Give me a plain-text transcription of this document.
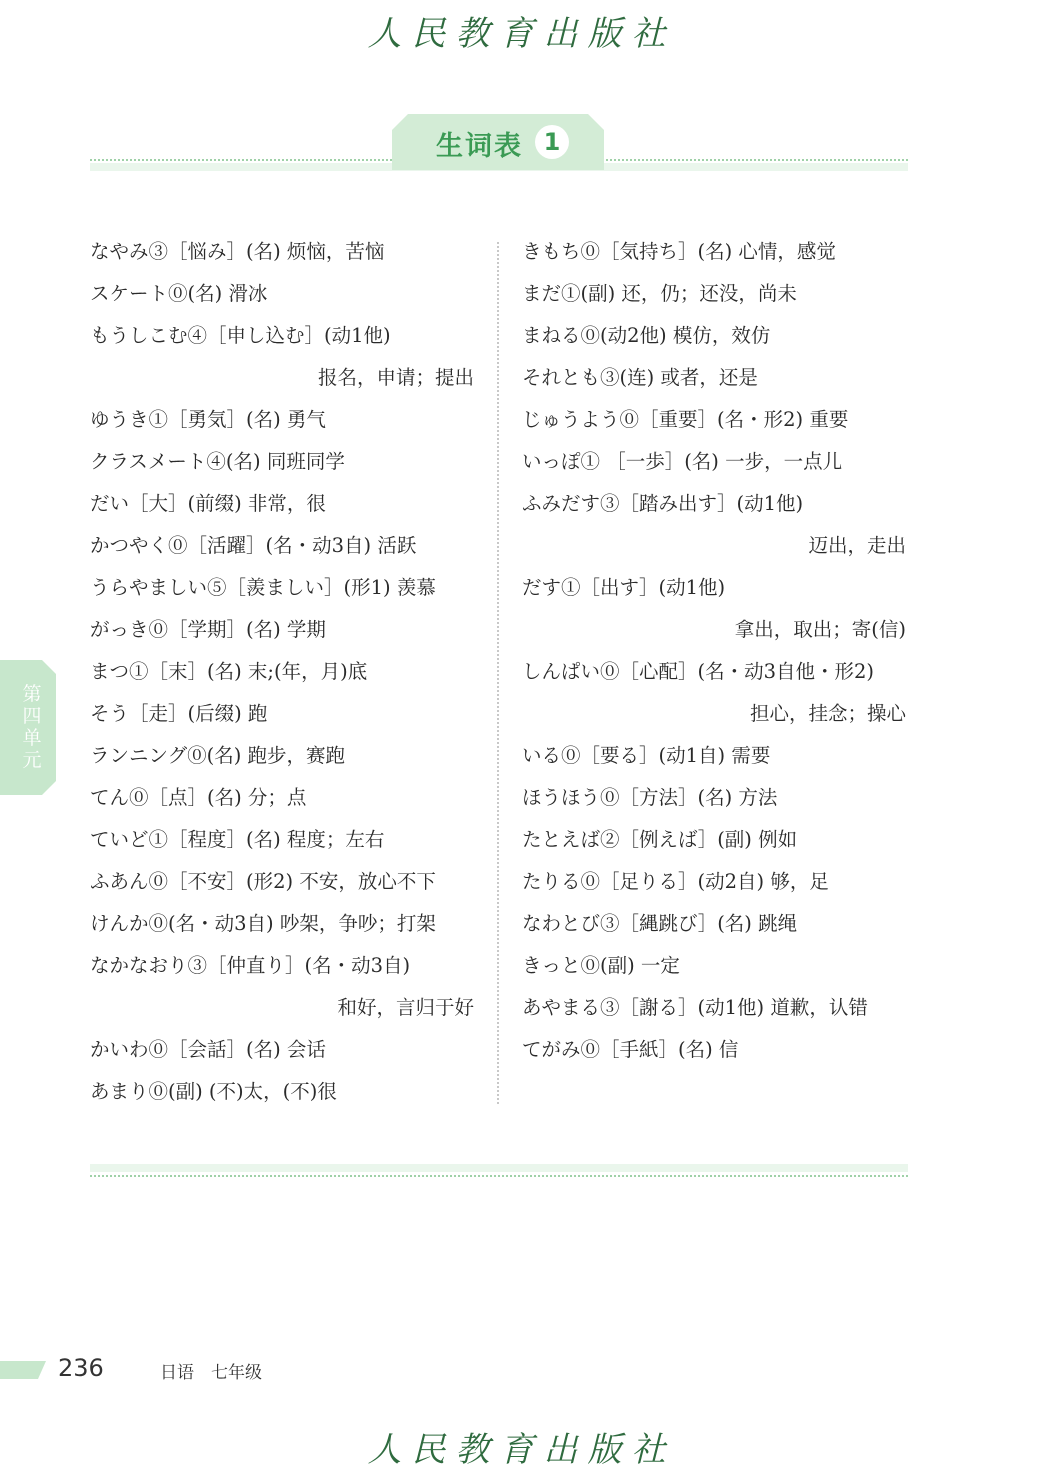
人民教育出版社
生词表 1
なやみ③［悩み］(名) 烦恼，苦恼
スケート⓪(名) 滑冰
もうしこむ④［申し込む］(动1他)
报名，申请；提出
ゆうき①［勇気］(名) 勇气
クラスメート④(名) 同班同学
だい［大］(前缀) 非常，很
かつやく⓪［活躍］(名・动3自) 活跃
うらやましい⑤［羨ましい］(形1) 羡慕
がっき⓪［学期］(名) 学期
まつ①［末］(名) 末;(年，月)底
そう［走］(后缀) 跑
ランニング⓪(名) 跑步，赛跑
てん⓪［点］(名) 分；点
ていど①［程度］(名) 程度；左右
ふあん⓪［不安］(形2) 不安，放心不下
けんか⓪(名・动3自) 吵架，争吵；打架
なかなおり③［仲直り］(名・动3自)
和好，言归于好
かいわ⓪［会話］(名) 会话
あまり⓪(副) (不)太，(不)很
きもち⓪［気持ち］(名) 心情，感觉
まだ①(副) 还，仍；还没，尚未
まねる⓪(动2他) 模仿，效仿
それとも③(连) 或者，还是
じゅうよう⓪［重要］(名・形2) 重要
いっぽ① ［一歩］(名) 一步，一点儿
ふみだす③［踏み出す］(动1他)
迈出，走出
だす①［出す］(动1他)
拿出，取出；寄(信)
しんぱい⓪［心配］(名・动3自他・形2)
担心，挂念；操心
いる⓪［要る］(动1自) 需要
ほうほう⓪［方法］(名) 方法
たとえば②［例えば］(副) 例如
たりる⓪［足りる］(动2自) 够，足
なわとび③［縄跳び］(名) 跳绳
きっと⓪(副) 一定
あやまる③［謝る］(动1他) 道歉，认错
てがみ⓪［手紙］(名) 信
第
四
单
元
236	日语　七年级
人民教育出版社
